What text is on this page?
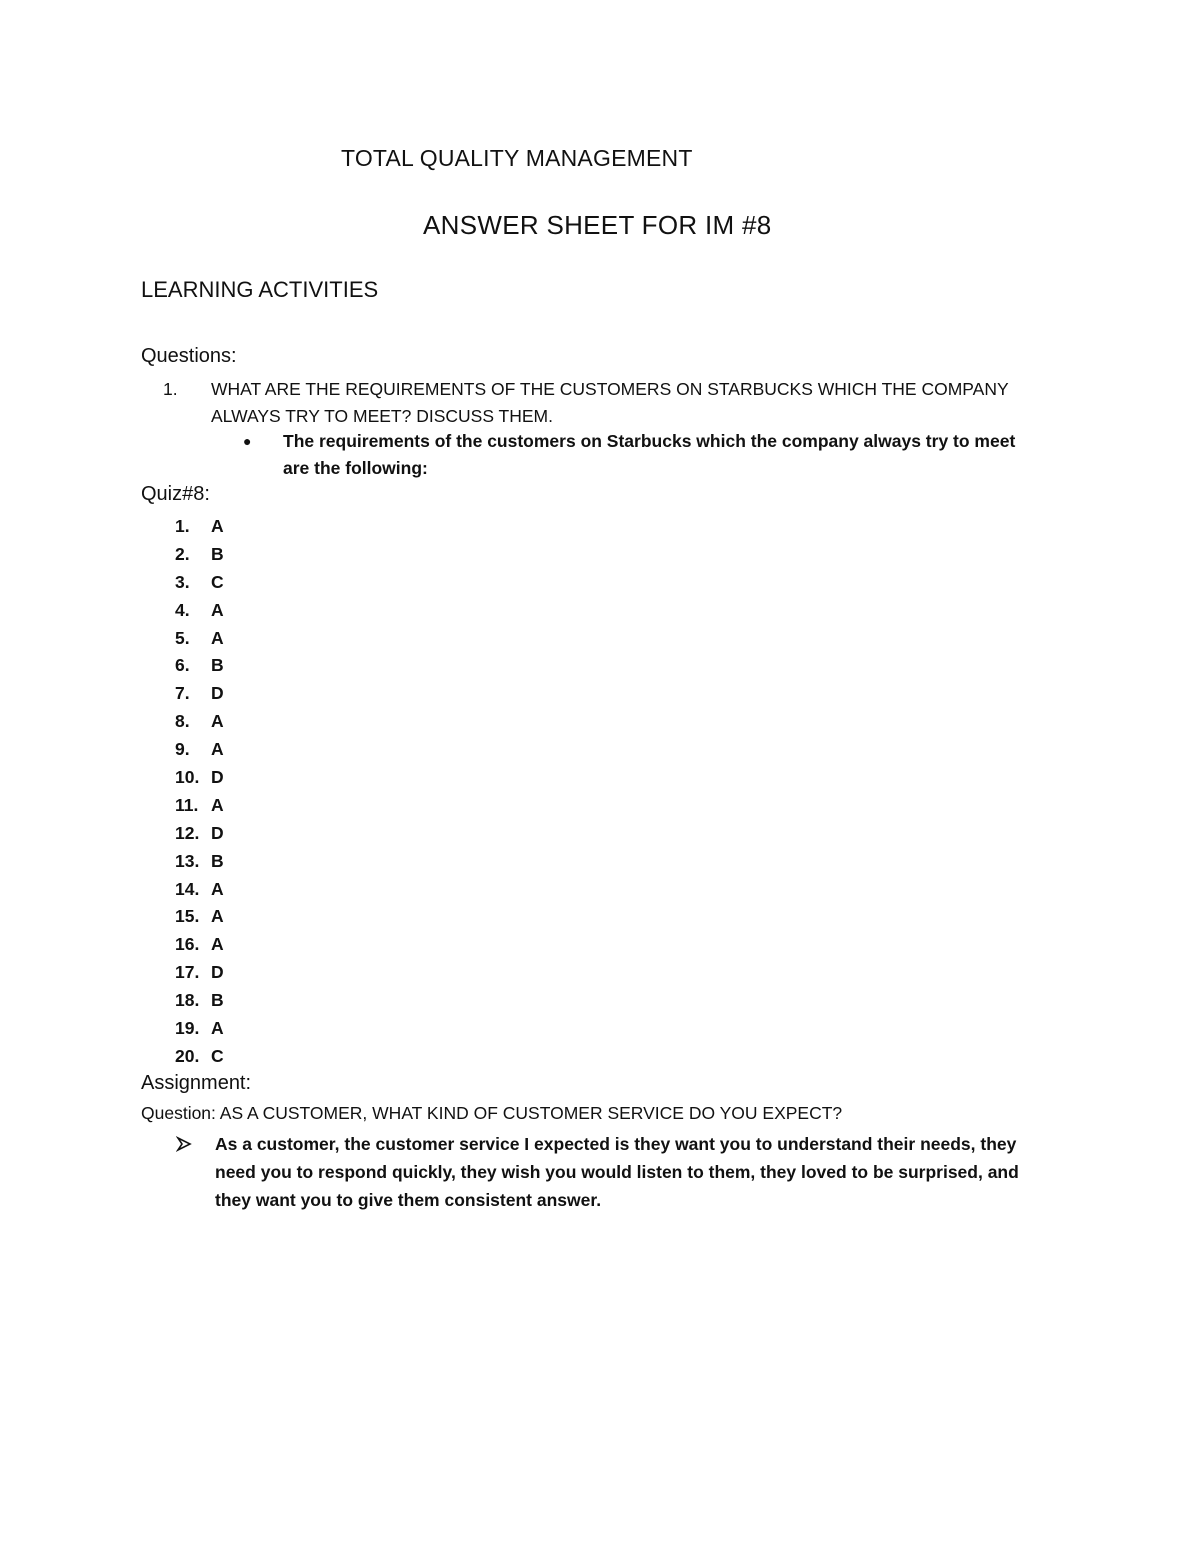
TOTAL QUALITY MANAGEMENT
ANSWER SHEET FOR IM #8
LEARNING ACTIVITIES
Questions:
1. WHAT ARE THE REQUIREMENTS OF THE CUSTOMERS ON STARBUCKS WHICH THE COMPANY ALWAYS TRY TO MEET? DISCUSS THEM.
● The requirements of the customers on Starbucks which the company always try to meet are the following:
Quiz#8:
1. A
2. B
3. C
4. A
5. A
6. B
7. D
8. A
9. A
10. D
11. A
12. D
13. B
14. A
15. A
16. A
17. D
18. B
19. A
20. C
Assignment:
Question: AS A CUSTOMER, WHAT KIND OF CUSTOMER SERVICE DO YOU EXPECT?
As a customer, the customer service I expected is they want you to understand their needs, they need you to respond quickly, they wish you would listen to them, they loved to be surprised, and they want you to give them consistent answer.
